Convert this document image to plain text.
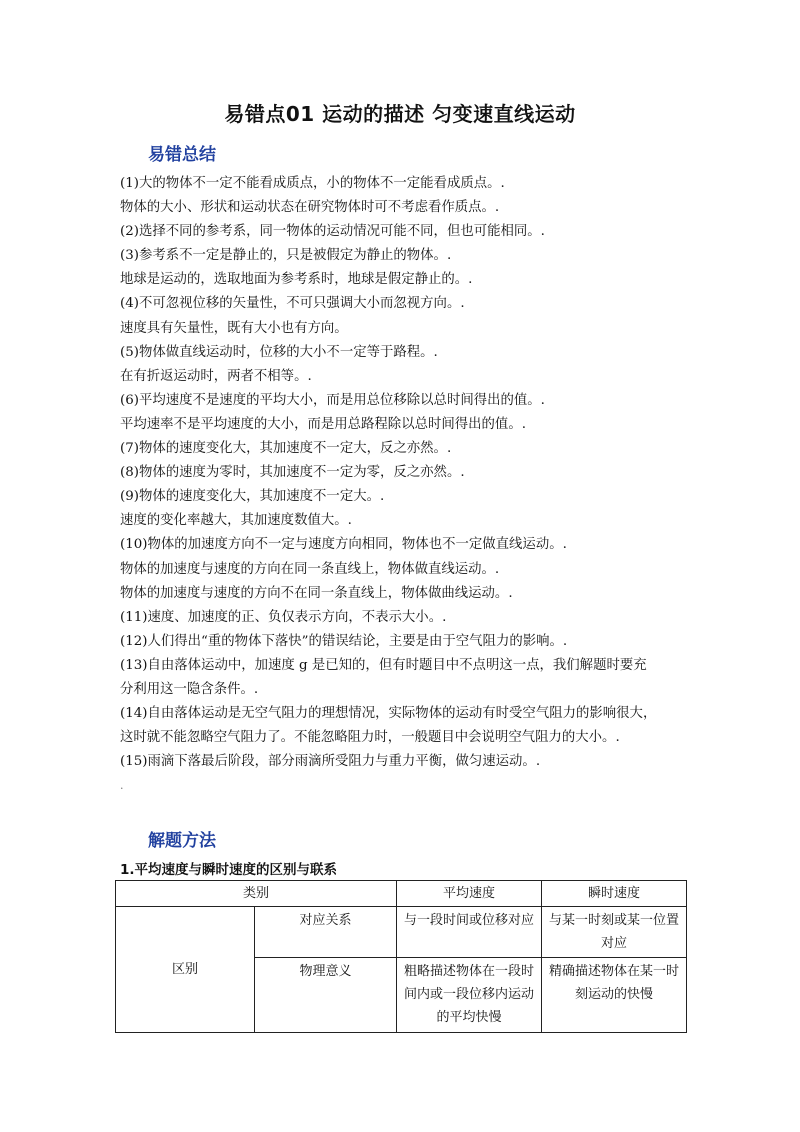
易错点01 运动的描述 匀变速直线运动
易错总结
(1)大的物体不一定不能看成质点，小的物体不一定能看成质点。.
物体的大小、形状和运动状态在研究物体时可不考虑看作质点。.
(2)选择不同的参考系，同一物体的运动情况可能不同，但也可能相同。.
(3)参考系不一定是静止的，只是被假定为静止的物体。.
地球是运动的，选取地面为参考系时，地球是假定静止的。.
(4)不可忽视位移的矢量性，不可只强调大小而忽视方向。.
速度具有矢量性，既有大小也有方向。
(5)物体做直线运动时，位移的大小不一定等于路程。.
在有折返运动时，两者不相等。.
(6)平均速度不是速度的平均大小，而是用总位移除以总时间得出的值。.
平均速率不是平均速度的大小，而是用总路程除以总时间得出的值。.
(7)物体的速度变化大，其加速度不一定大，反之亦然。.
(8)物体的速度为零时，其加速度不一定为零，反之亦然。.
(9)物体的速度变化大，其加速度不一定大。.
速度的变化率越大，其加速度数值大。.
(10)物体的加速度方向不一定与速度方向相同，物体也不一定做直线运动。.
物体的加速度与速度的方向在同一条直线上，物体做直线运动。.
物体的加速度与速度的方向不在同一条直线上，物体做曲线运动。.
(11)速度、加速度的正、负仅表示方向，不表示大小。.
(12)人们得出“重的物体下落快”的错误结论，主要是由于空气阻力的影响。.
(13)自由落体运动中，加速度 g 是已知的，但有时题目中不点明这一点，我们解题时要充
分利用这一隐含条件。.
(14)自由落体运动是无空气阻力的理想情况，实际物体的运动有时受空气阻力的影响很大，
这时就不能忽略空气阻力了。不能忽略阻力时，一般题目中会说明空气阻力的大小。.
(15)雨滴下落最后阶段，部分雨滴所受阻力与重力平衡，做匀速运动。.
.
解题方法
1.平均速度与瞬时速度的区别与联系
类别		平均速度	瞬时速度
区别	对应关系	与一段时间或位移对应	与某一时刻或某一位置对应
	物理意义	粗略描述物体在一段时间内或一段位移内运动的平均快慢	精确描述物体在某一时刻运动的快慢
